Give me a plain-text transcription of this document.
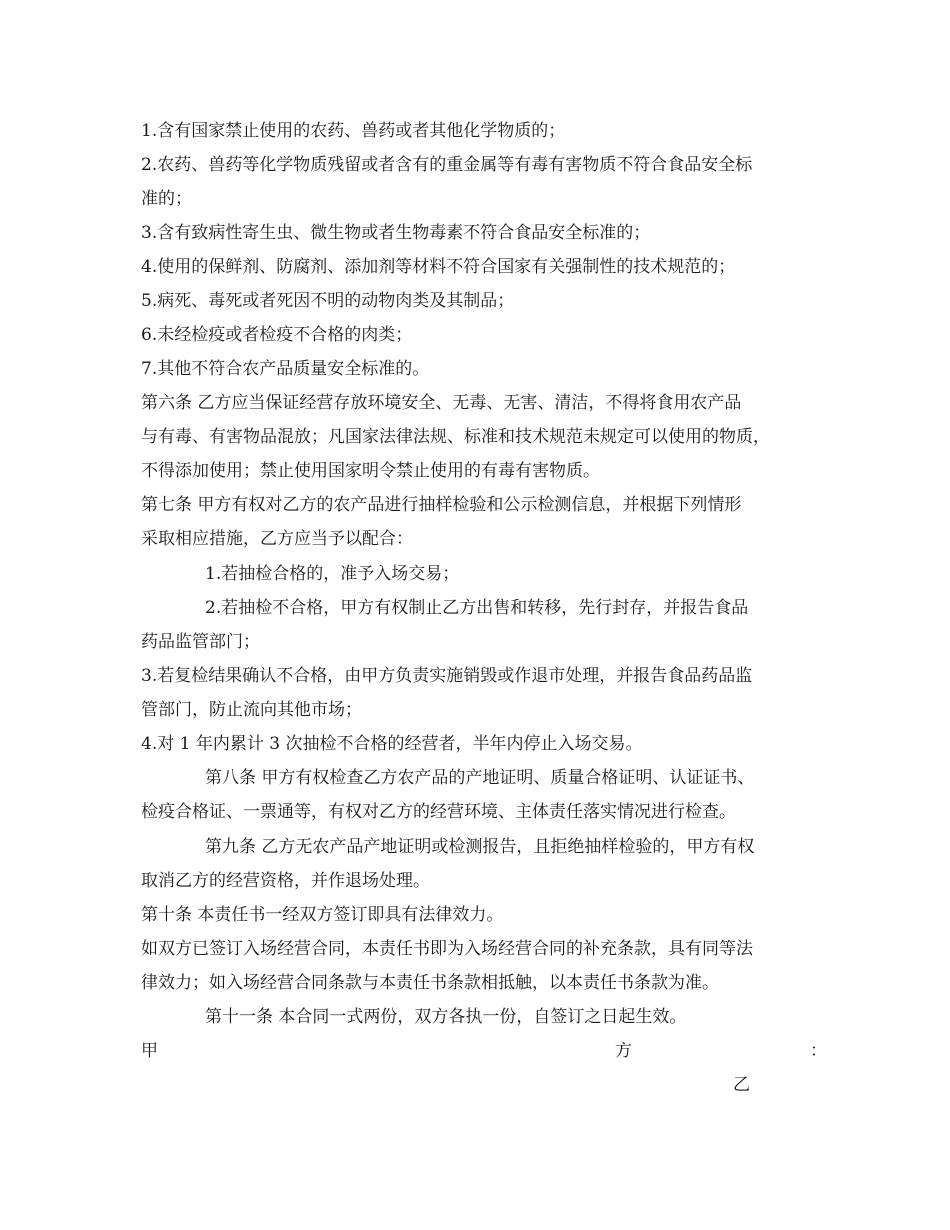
1.含有国家禁止使用的农药、兽药或者其他化学物质的；
2.农药、兽药等化学物质残留或者含有的重金属等有毒有害物质不符合食品安全标
准的；
3.含有致病性寄生虫、微生物或者生物毒素不符合食品安全标准的；
4.使用的保鲜剂、防腐剂、添加剂等材料不符合国家有关强制性的技术规范的；
5.病死、毒死或者死因不明的动物肉类及其制品；
6.未经检疫或者检疫不合格的肉类；
7.其他不符合农产品质量安全标准的。
第六条 乙方应当保证经营存放环境安全、无毒、无害、清洁，不得将食用农产品
与有毒、有害物品混放；凡国家法律法规、标准和技术规范未规定可以使用的物质，
不得添加使用；禁止使用国家明令禁止使用的有毒有害物质。
第七条 甲方有权对乙方的农产品进行抽样检验和公示检测信息，并根据下列情形
采取相应措施，乙方应当予以配合：
1.若抽检合格的，准予入场交易；
2.若抽检不合格，甲方有权制止乙方出售和转移，先行封存，并报告食品
药品监管部门；
3.若复检结果确认不合格，由甲方负责实施销毁或作退市处理，并报告食品药品监
管部门，防止流向其他市场；
4.对 1 年内累计 3 次抽检不合格的经营者，半年内停止入场交易。
第八条 甲方有权检查乙方农产品的产地证明、质量合格证明、认证证书、
检疫合格证、一票通等，有权对乙方的经营环境、主体责任落实情况进行检查。
第九条 乙方无农产品产地证明或检测报告，且拒绝抽样检验的，甲方有权
取消乙方的经营资格，并作退场处理。
第十条 本责任书一经双方签订即具有法律效力。
如双方已签订入场经营合同，本责任书即为入场经营合同的补充条款，具有同等法
律效力；如入场经营合同条款与本责任书条款相抵触，以本责任书条款为准。
第十一条 本合同一式两份，双方各执一份，自签订之日起生效。
甲	方	：
乙
